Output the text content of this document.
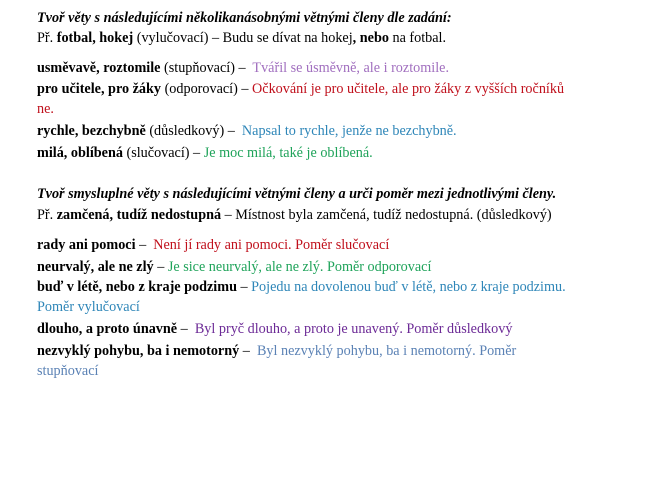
Tvoř věty s následujícími několikanásobnými větnými členy dle zadání:
Př. fotbal, hokej (vylučovací) – Budu se dívat na hokej, nebo na fotbal.
usměvavě, roztomile (stupňovací) – Tvářil se úsměvně, ale i roztomile.
pro učitele, pro žáky (odporovací) – Očkování je pro učitele, ale pro žáky z vyšších ročníků
ne.
rychle, bezchybně (důsledkový) – Napsal to rychle, jenže ne bezchybně.
milá, oblíbená (slučovací) – Je moc milá, také je oblíbená.
Tvoř smysluplné věty s následujícími větnými členy a urči poměr mezi jednotlivými členy.
Př. zamčená, tudíž nedostupná – Místnost byla zamčená, tudíž nedostupná. (důsledkový)
rady ani pomoci – Není jí rady ani pomoci. Poměr slučovací
neurvalý, ale ne zlý – Je sice neurvalý, ale ne zlý. Poměr odporovací
buď v létě, nebo z kraje podzimu – Pojedu na dovolenou buď v létě, nebo z kraje podzimu.
Poměr vylučovací
dlouho, a proto únavně – Byl pryč dlouho, a proto je unavený. Poměr důsledkový
nezvyklý pohybu, ba i nemotorný – Byl nezvyklý pohybu, ba i nemotorný. Poměr
stupňovací
